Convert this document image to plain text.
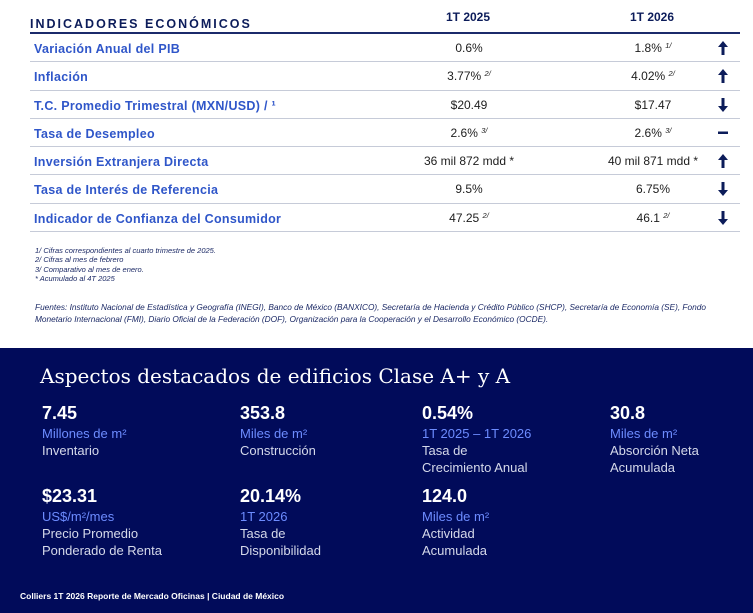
INDICADORES ECONÓMICOS	1T 2025	1T 2026
Variación Anual del PIB	0.6%	1.8% $^{1/}$
Inflación	3.77% $^{2/}$	4.02% $^{2/}$
T.C. Promedio Trimestral (MXN/USD) / ¹	$20.49	$17.47
Tasa de Desempleo	2.6% $^{3/}$	2.6% $^{3/}$
Inversión Extranjera Directa	36 mil 872 mdd *	40 mil 871 mdd *
Tasa de Interés de Referencia	9.5%	6.75%
Indicador de Confianza del Consumidor	47.25 $^{2/}$	46.1 $^{2/}$
1/ Cifras correspondientes al cuarto trimestre de 2025.
2/ Cifras al mes de febrero
3/ Comparativo al mes de enero.
* Acumulado al 4T 2025
Fuentes: Instituto Nacional de Estadística y Geografía (INEGI), Banco de México (BANXICO), Secretaría de Hacienda y Crédito Público (SHCP), Secretaría de Economía (SE), Fondo Monetario Internacional (FMI), Diario Oficial de la Federación (DOF), Organización para la Cooperación y el Desarrollo Económico (OCDE).
Aspectos destacados de edificios Clase A+ y A
7.45
Millones de m²
Inventario
353.8
Miles de m²
Construcción
0.54%
1T 2025 – 1T 2026
Tasa de
Crecimiento Anual
30.8
Miles de m²
Absorción Neta
Acumulada
$23.31
US$/m²/mes
Precio Promedio
Ponderado de Renta
20.14%
1T 2026
Tasa de
Disponibilidad
124.0
Miles de m²
Actividad
Acumulada
Colliers 1T 2026 Reporte de Mercado Oficinas | Ciudad de México
